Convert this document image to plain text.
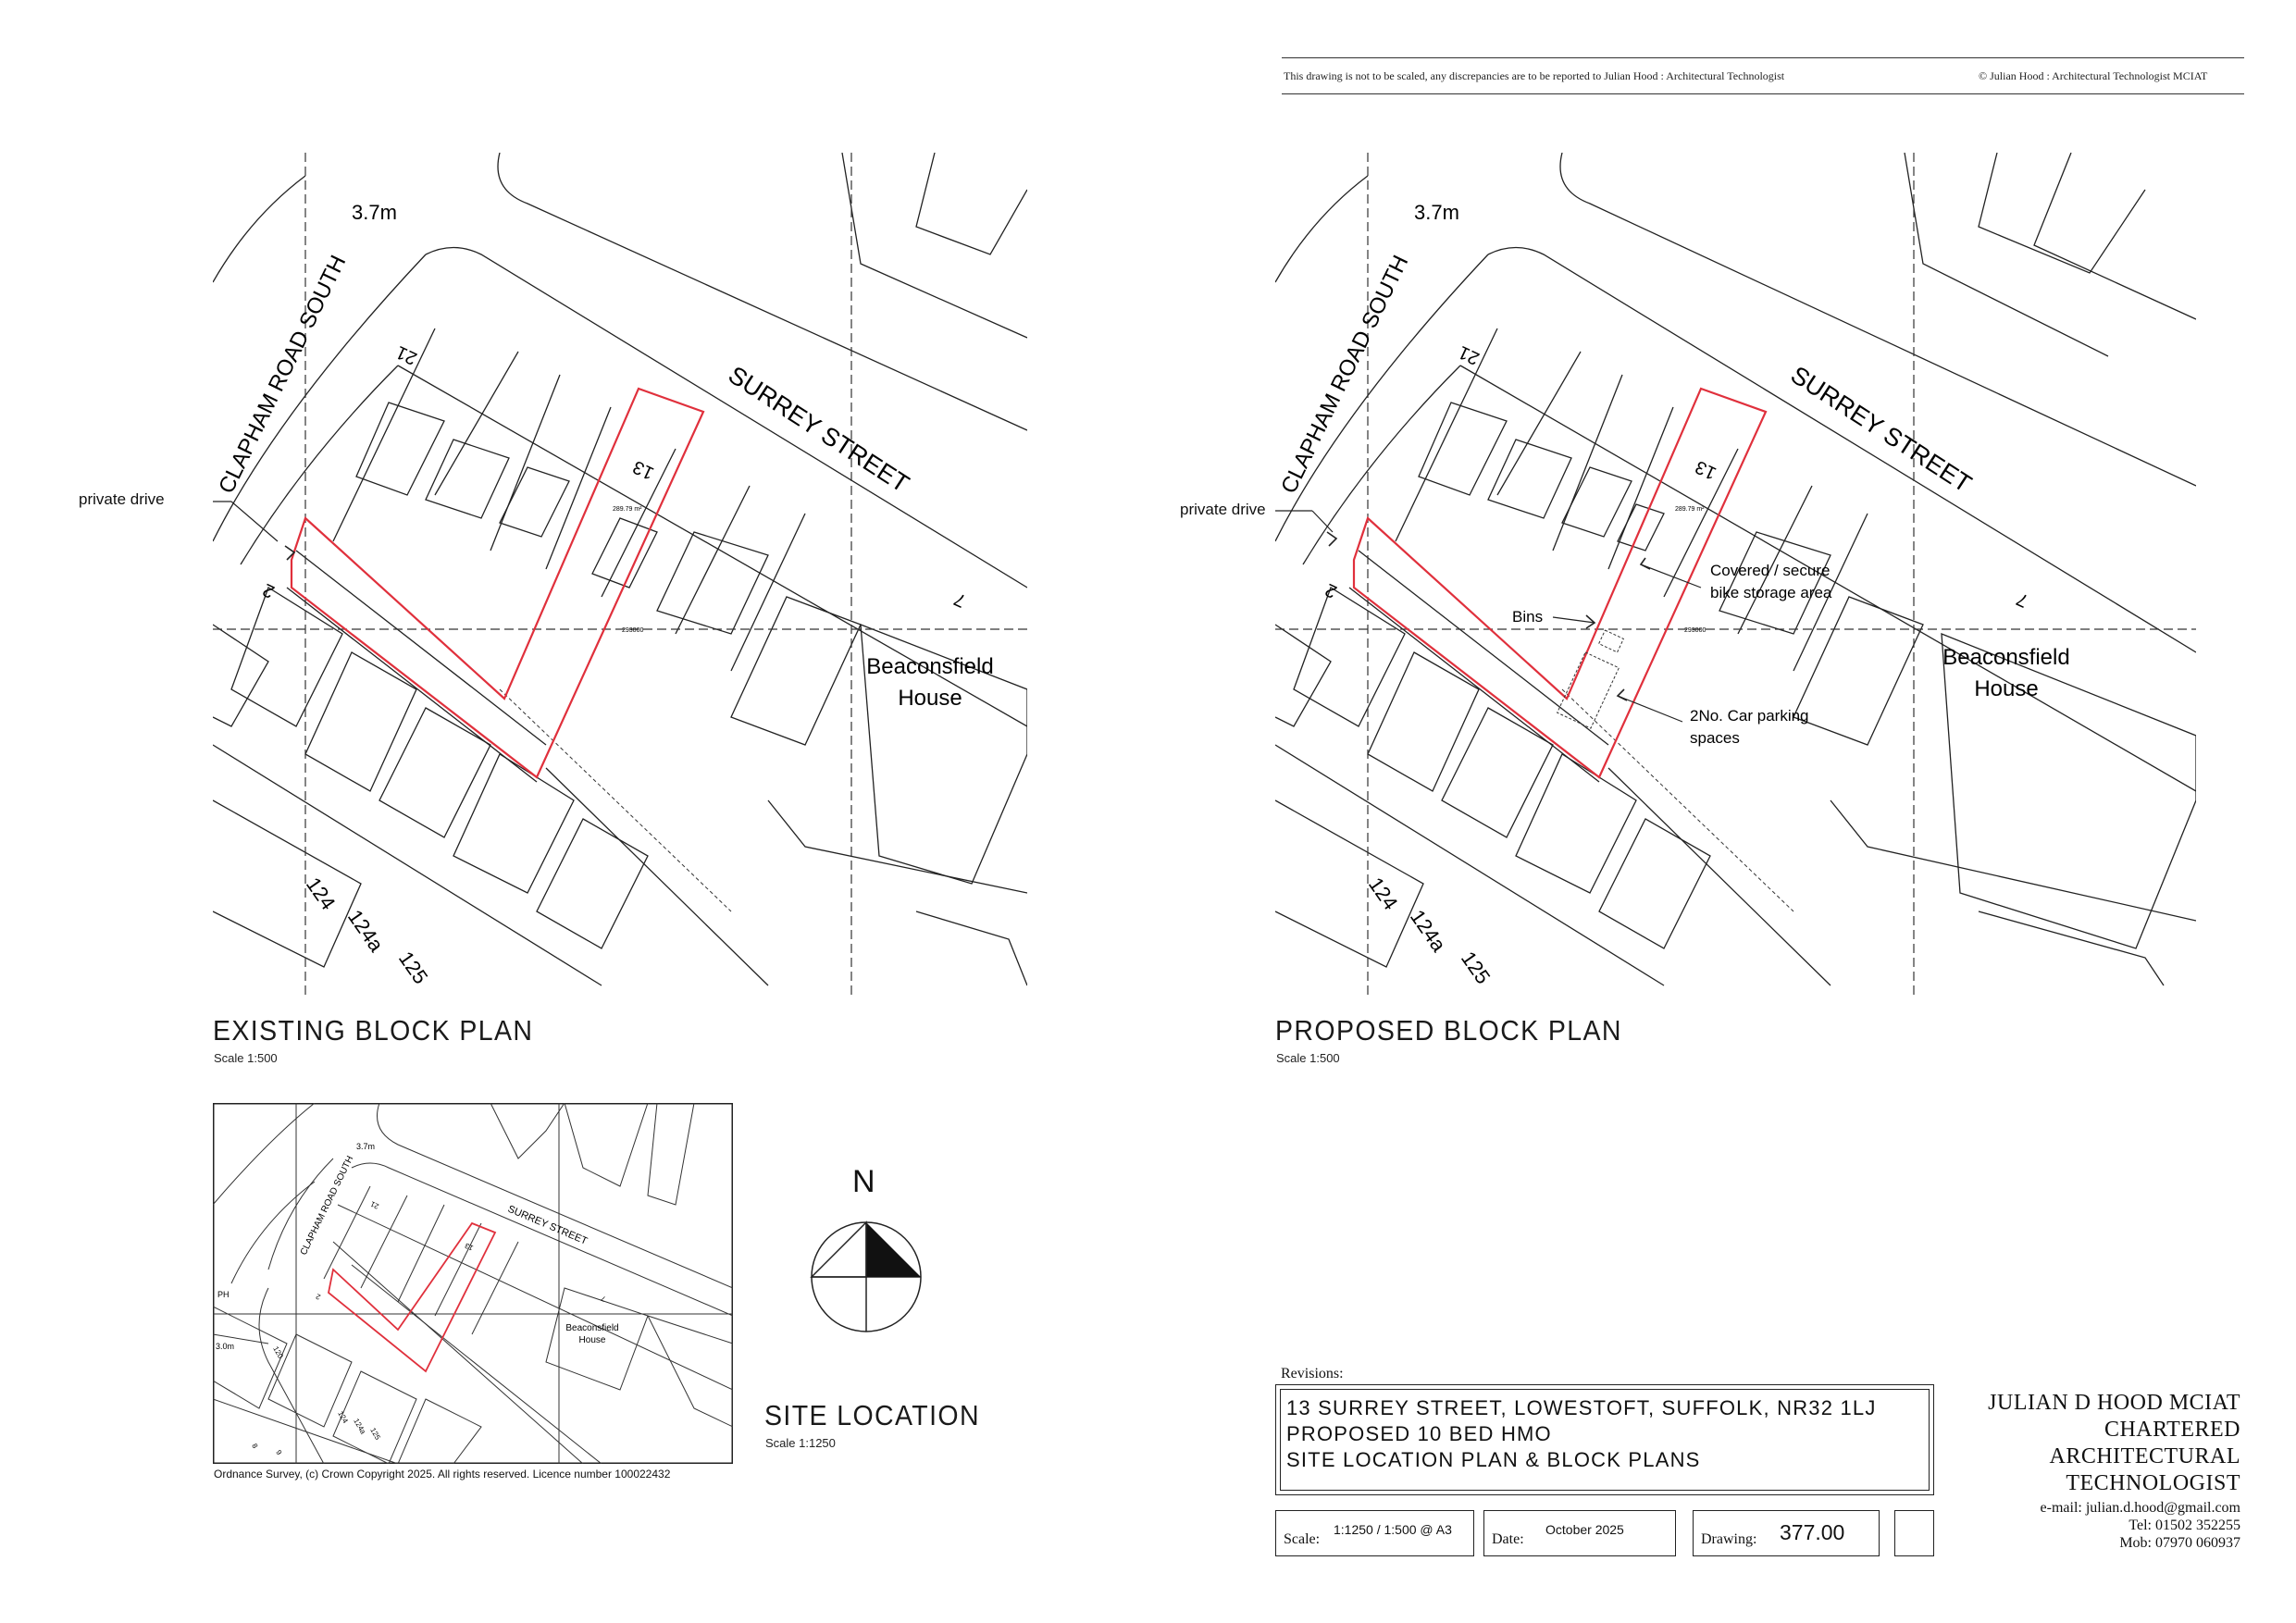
This drawing is not to be scaled, any discrepancies are to be reported to Julian Hood : Architectural Technologist	© Julian Hood : Architectural Technologist MCIAT
3.7m
CLAPHAM ROAD SOUTH	SURREY STREET
21
13
2	7
289.79 m²
293000
Beaconsfield
House
124
124a
125
private drive
EXISTING BLOCK PLAN
Scale 1:500
3.7m
CLAPHAM ROAD SOUTH	SURREY STREET
21
13
2	7
289.79 m²
293000
Beaconsfield
House
Covered / secure
bike storage area
Bins
2No. Car parking
spaces
124
124a
125
private drive
PROPOSED BLOCK PLAN
Scale 1:500
3.7m
CLAPHAM ROAD SOUTH	SURREY STREET
PH
3.0m
Beaconsfield
House
21
13
2	7
120
124 124a 125
8
9
Ordnance Survey, (c) Crown Copyright 2025. All rights reserved. Licence number 100022432
SITE LOCATION
Scale 1:1250
N
Revisions:
13 SURREY STREET, LOWESTOFT, SUFFOLK, NR32 1LJ
PROPOSED 10 BED HMO
SITE LOCATION PLAN & BLOCK PLANS
Scale:
1:1250 / 1:500 @ A3
Date:
October 2025
Drawing: 377.00
JULIAN D HOOD MCIAT
CHARTERED
ARCHITECTURAL
TECHNOLOGIST
e-mail: julian.d.hood@gmail.com
Tel: 01502 352255
Mob: 07970 060937
